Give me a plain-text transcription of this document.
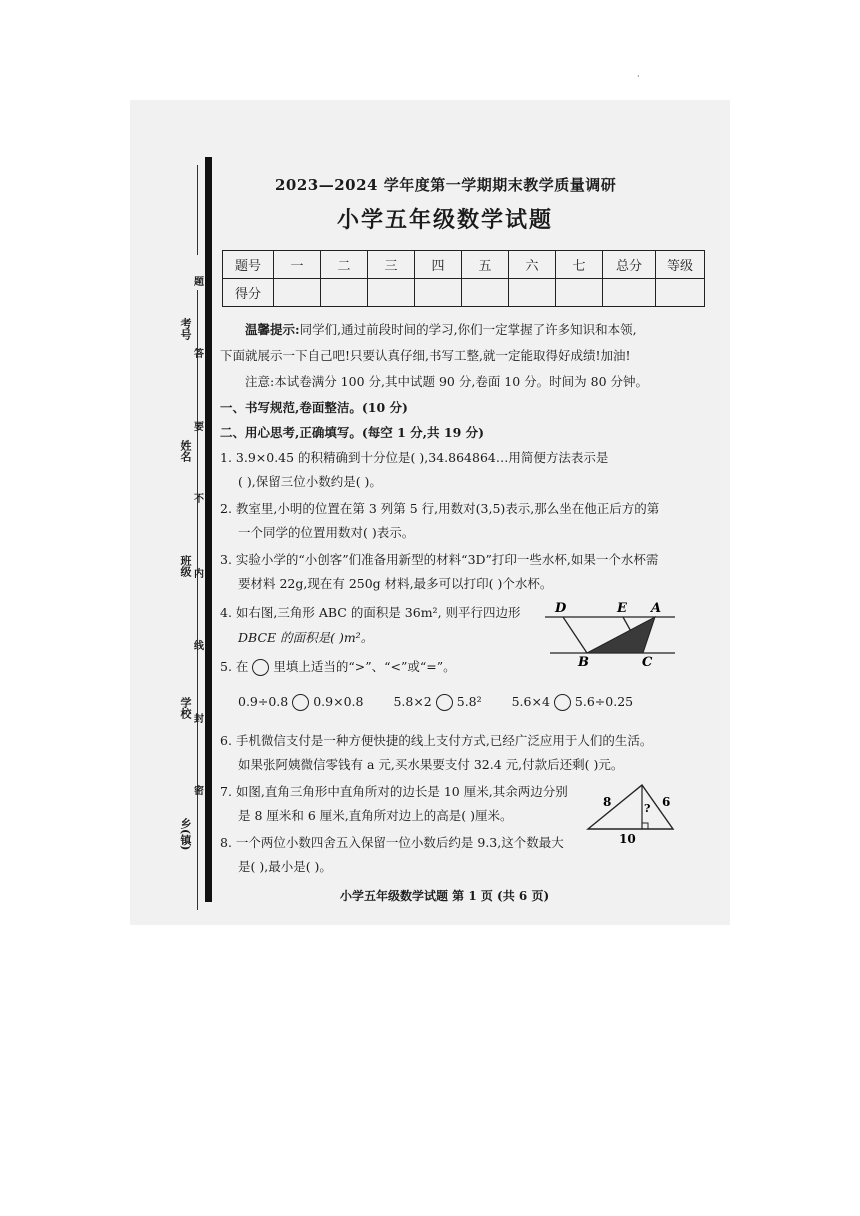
·
考号
姓名
班级
学校
乡(镇)
题
答
要
不
内
线
封
密
2023—2024 学年度第一学期期末教学质量调研
小学五年级数学试题
题号	一	二	三	四	五	六	七	总分	等级
得分									
温馨提示:同学们,通过前段时间的学习,你们一定掌握了许多知识和本领,
下面就展示一下自己吧!只要认真仔细,书写工整,就一定能取得好成绩!加油!
注意:本试卷满分 100 分,其中试题 90 分,卷面 10 分。时间为 80 分钟。
一、书写规范,卷面整洁。(10 分)
二、用心思考,正确填写。(每空 1 分,共 19 分)
1. 3.9×0.45 的积精确到十分位是( ),34.864864…用简便方法表示是
( ),保留三位小数约是( )。
2. 教室里,小明的位置在第 3 列第 5 行,用数对(3,5)表示,那么坐在他正后方的第
一个同学的位置用数对( )表示。
3. 实验小学的“小创客”们准备用新型的材料“3D”打印一些水杯,如果一个水杯需
要材料 22g,现在有 250g 材料,最多可以打印( )个水杯。
4. 如右图,三角形 ABC 的面积是 36m², 则平行四边形
DBCE 的面积是( )m²。
D	E A
B	C
5. 在 里填上适当的“>”、“<”或“=”。
0.9÷0.8 0.9×0.8 5.8×2 5.8² 5.6×4 5.6÷0.25
6. 手机微信支付是一种方便快捷的线上支付方式,已经广泛应用于人们的生活。
如果张阿姨微信零钱有 a 元,买水果要支付 32.4 元,付款后还剩( )元。
7. 如图,直角三角形中直角所对的边长是 10 厘米,其余两边分别
是 8 厘米和 6 厘米,直角所对边上的高是( )厘米。
8	6
?
10
8. 一个两位小数四舍五入保留一位小数后约是 9.3,这个数最大
是( ),最小是( )。
小学五年级数学试题 第 1 页 (共 6 页)
